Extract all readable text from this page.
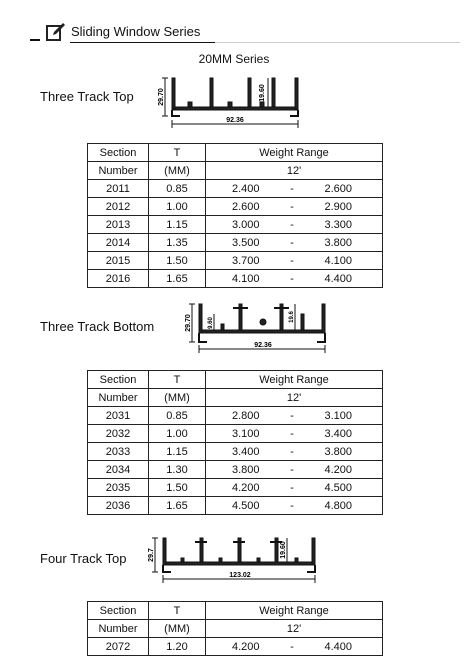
Sliding Window Series
20MM Series
Three Track Top	29.70	19.60
92.36
Section	T	Weight Range
Number	(MM)	12'
2011	0.85	2.400 - 2.600

2012	1.00	2.600 - 2.900

2013	1.15	3.000 - 3.300

2014	1.35	3.500 - 3.800

2015	1.50	3.700 - 4.100

2016	1.65	4.100 - 4.400
Three Track Bottom	29.70	9.60
19.6
92.36
Section	T	Weight Range
Number	(MM)	12'
2031	0.85	2.800 - 3.100

2032	1.00	3.100 - 3.400

2033	1.15	3.400 - 3.800

2034	1.30	3.800 - 4.200

2035	1.50	4.200 - 4.500

2036	1.65	4.500 - 4.800
Four Track Top	29.7	19.60
123.02
Section	T	Weight Range
Number	(MM)	12'
2072	1.20	4.200 - 4.400
